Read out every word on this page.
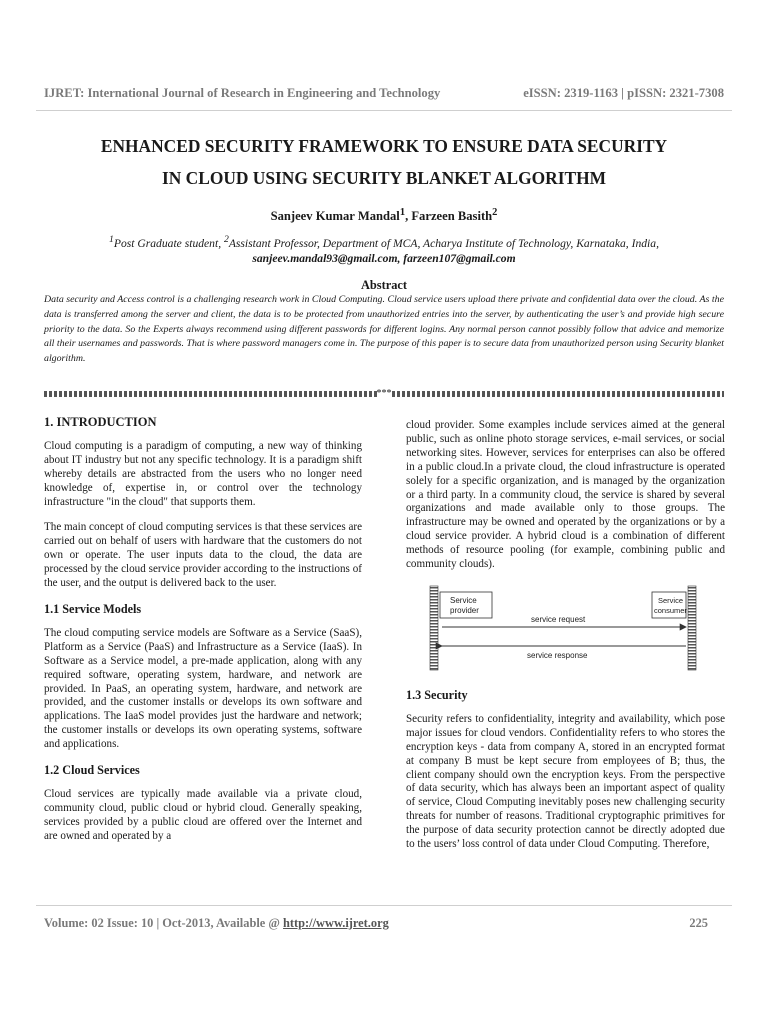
IJRET: International Journal of Research in Engineering and Technology	eISSN: 2319-1163 | pISSN: 2321-7308
ENHANCED SECURITY FRAMEWORK TO ENSURE DATA SECURITY
IN CLOUD USING SECURITY BLANKET ALGORITHM
Sanjeev Kumar Mandal$^1$, Farzeen Basith$^2$
$^1$Post Graduate student, $^2$Assistant Professor, Department of MCA, Acharya Institute of Technology, Karnataka, India,
sanjeev.mandal93@gmail.com, farzeen107@gmail.com
Abstract
Data security and Access control is a challenging research work in Cloud Computing. Cloud service users upload there private and confidential data over the cloud. As the data is transferred among the server and client, the data is to be protected from unauthorized entries into the server, by authenticating the user’s and provide high secure priority to the data. So the Experts always recommend using different passwords for different logins. Any normal person cannot possibly follow that advice and memorize all their usernames and passwords. That is where password managers come in. The purpose of this paper is to secure data from unauthorized person using Security blanket algorithm.
***
1. INTRODUCTION

Cloud computing is a paradigm of computing, a new way of thinking about IT industry but not any specific technology. It is a paradigm shift whereby details are abstracted from the users who no longer need knowledge of, expertise in, or control over the technology infrastructure "in the cloud" that supports them.

The main concept of cloud computing services is that these services are carried out on behalf of users with hardware that the customers do not own or operate. The user inputs data to the cloud, the data are processed by the cloud service provider according to the instructions of the user, and the output is delivered back to the user.

1.1 Service Models

The cloud computing service models are Software as a Service (SaaS), Platform as a Service (PaaS) and Infrastructure as a Service (IaaS). In Software as a Service model, a pre-made application, along with any required software, operating system, hardware, and network are provided. In PaaS, an operating system, hardware, and network are provided, and the customer installs or develops its own software and applications. The IaaS model provides just the hardware and network; the customer installs or develops its own operating systems, software and applications.

1.2 Cloud Services

Cloud services are typically made available via a private cloud, community cloud, public cloud or hybrid cloud. Generally speaking, services provided by a public cloud are offered over the Internet and are owned and operated by a

cloud provider. Some examples include services aimed at the general public, such as online photo storage services, e-mail services, or social networking sites. However, services for enterprises can also be offered in a public cloud.In a private cloud, the cloud infrastructure is operated solely for a specific organization, and is managed by the organization or a third party. In a community cloud, the service is shared by several organizations and made available only to those groups. The infrastructure may be owned and operated by the organizations or by a cloud service provider. A hybrid cloud is a combination of different methods of resource pooling (for example, combining public and community clouds).

Service provider
Service consumer
service request
service response
1.3 Security

Security refers to confidentiality, integrity and availability, which pose major issues for cloud vendors. Confidentiality refers to who stores the encryption keys - data from company A, stored in an encrypted format at company B must be kept secure from employees of B; thus, the client company should own the encryption keys. From the perspective of data security, which has always been an important aspect of quality of service, Cloud Computing inevitably poses new challenging security threats for number of reasons. Traditional cryptographic primitives for the purpose of data security protection cannot be directly adopted due to the users’ loss control of data under Cloud Computing. Therefore,

Volume: 02 Issue: 10 | Oct-2013, Available @ http://www.ijret.org	225
